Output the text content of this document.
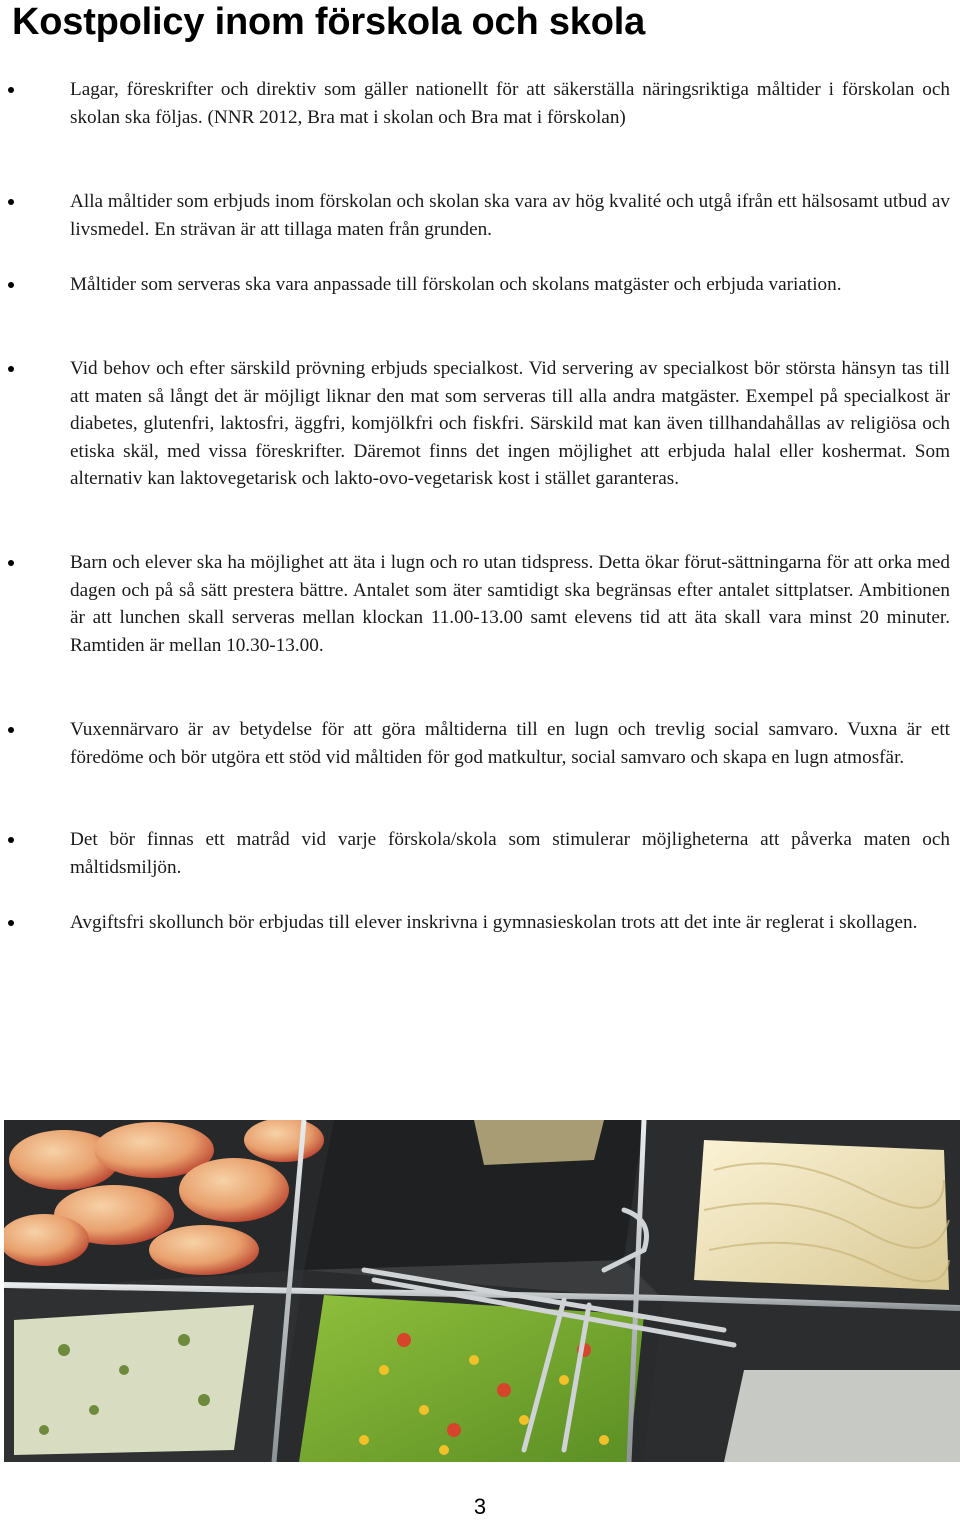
Kostpolicy inom förskola och skola
Lagar, föreskrifter och direktiv som gäller nationellt för att säkerställa näringsriktiga måltider i förskolan och skolan ska följas. (NNR 2012, Bra mat i skolan och Bra mat i förskolan)
Alla måltider som erbjuds inom förskolan och skolan ska vara av hög kvalité och utgå ifrån ett hälsosamt utbud av livsmedel. En strävan är att tillaga maten från grunden.
Måltider som serveras ska vara anpassade till förskolan och skolans matgäster och erbjuda variation.
Vid behov och efter särskild prövning erbjuds specialkost. Vid servering av specialkost bör största hänsyn tas till att maten så långt det är möjligt liknar den mat som serveras till alla andra matgäster. Exempel på specialkost är diabetes, glutenfri, laktosfri, äggfri, komjölkfri och fiskfri. Särskild mat kan även tillhandahållas av religiösa och etiska skäl, med vissa föreskrifter. Däremot finns det ingen möjlighet att erbjuda halal eller koshermat. Som alternativ kan laktovegetarisk och lakto-ovo-vegetarisk kost i stället garanteras.
Barn och elever ska ha möjlighet att äta i lugn och ro utan tidspress. Detta ökar förut-sättningarna för att orka med dagen och på så sätt prestera bättre. Antalet som äter samtidigt ska begränsas efter antalet sittplatser. Ambitionen är att lunchen skall serveras mellan klockan 11.00-13.00 samt elevens tid att äta skall vara minst 20 minuter. Ramtiden är mellan 10.30-13.00.
Vuxennärvaro är av betydelse för att göra måltiderna till en lugn och trevlig social samvaro. Vuxna är ett föredöme och bör utgöra ett stöd vid måltiden för god matkultur, social samvaro och skapa en lugn atmosfär.
Det bör finnas ett matråd vid varje förskola/skola som stimulerar möjligheterna att påverka maten och måltidsmiljön.
Avgiftsfri skollunch bör erbjudas till elever inskrivna i gymnasieskolan trots att det inte är reglerat i skollagen.
3
